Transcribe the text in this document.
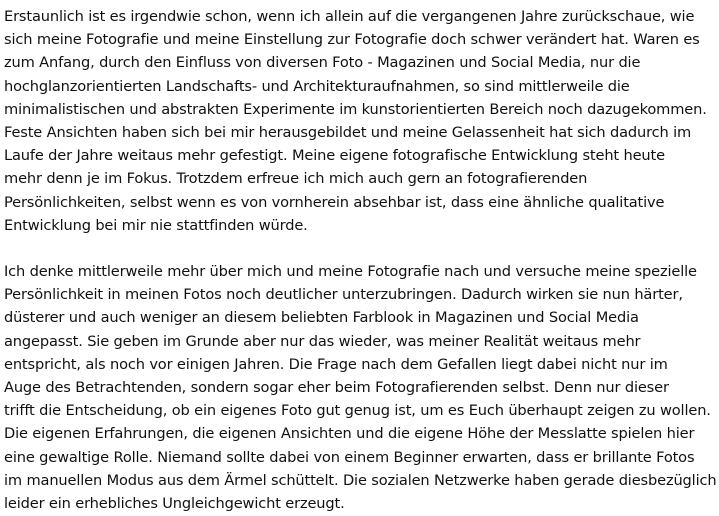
Erstaunlich ist es irgendwie schon, wenn ich allein auf die vergangenen Jahre zurückschaue, wie
sich meine Fotografie und meine Einstellung zur Fotografie doch schwer verändert hat. Waren es
zum Anfang, durch den Einfluss von diversen Foto - Magazinen und Social Media, nur die
hochglanzorientierten Landschafts- und Architekturaufnahmen, so sind mittlerweile die
minimalistischen und abstrakten Experimente im kunstorientierten Bereich noch dazugekommen.
Feste Ansichten haben sich bei mir herausgebildet und meine Gelassenheit hat sich dadurch im
Laufe der Jahre weitaus mehr gefestigt. Meine eigene fotografische Entwicklung steht heute
mehr denn je im Fokus. Trotzdem erfreue ich mich auch gern an fotografierenden
Persönlichkeiten, selbst wenn es von vornherein absehbar ist, dass eine ähnliche qualitative
Entwicklung bei mir nie stattfinden würde.
Ich denke mittlerweile mehr über mich und meine Fotografie nach und versuche meine spezielle
Persönlichkeit in meinen Fotos noch deutlicher unterzubringen. Dadurch wirken sie nun härter,
düsterer und auch weniger an diesem beliebten Farblook in Magazinen und Social Media
angepasst. Sie geben im Grunde aber nur das wieder, was meiner Realität weitaus mehr
entspricht, als noch vor einigen Jahren. Die Frage nach dem Gefallen liegt dabei nicht nur im
Auge des Betrachtenden, sondern sogar eher beim Fotografierenden selbst. Denn nur dieser
trifft die Entscheidung, ob ein eigenes Foto gut genug ist, um es Euch überhaupt zeigen zu wollen.
Die eigenen Erfahrungen, die eigenen Ansichten und die eigene Höhe der Messlatte spielen hier
eine gewaltige Rolle. Niemand sollte dabei von einem Beginner erwarten, dass er brillante Fotos
im manuellen Modus aus dem Ärmel schüttelt. Die sozialen Netzwerke haben gerade diesbezüglich
leider ein erhebliches Ungleichgewicht erzeugt.
